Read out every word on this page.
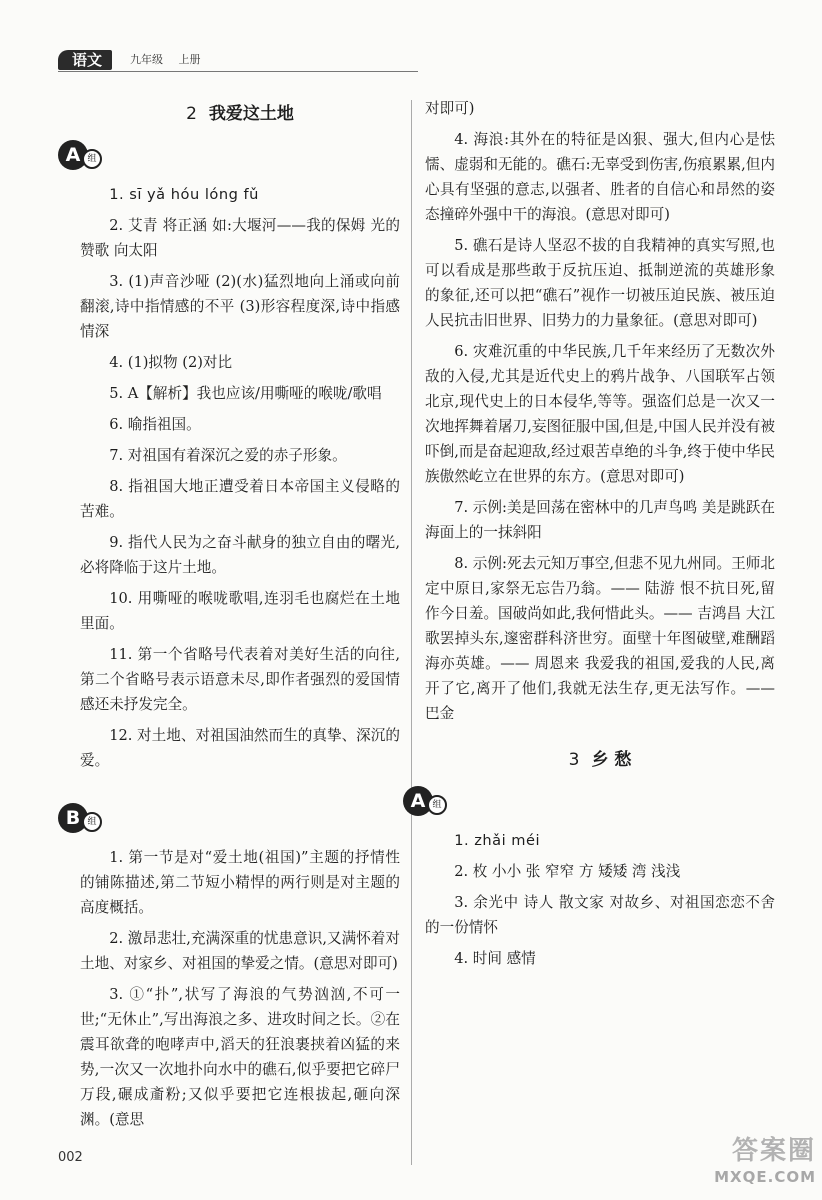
语文	九年级 上册
2 我爱这土地
A 组

1. sī yǎ hóu lóng fǔ

2. 艾青 将正涵 如:大堰河——我的保姆 光的赞歌 向太阳

3. (1)声音沙哑 (2)(水)猛烈地向上涌或向前翻滚,诗中指情感的不平 (3)形容程度深,诗中指感情深

4. (1)拟物 (2)对比

5. A【解析】我也应该/用嘶哑的喉咙/歌唱

6. 喻指祖国。

7. 对祖国有着深沉之爱的赤子形象。

8. 指祖国大地正遭受着日本帝国主义侵略的苦难。

9. 指代人民为之奋斗献身的独立自由的曙光,必将降临于这片土地。

10. 用嘶哑的喉咙歌唱,连羽毛也腐烂在土地里面。

11. 第一个省略号代表着对美好生活的向往,第二个省略号表示语意未尽,即作者强烈的爱国情感还未抒发完全。

12. 对土地、对祖国油然而生的真挚、深沉的爱。

B 组

1. 第一节是对“爱土地(祖国)”主题的抒情性的铺陈描述,第二节短小精悍的两行则是对主题的高度概括。

2. 激昂悲壮,充满深重的忧患意识,又满怀着对土地、对家乡、对祖国的挚爱之情。(意思对即可)

3. ①“扑”,状写了海浪的气势汹汹,不可一世;“无休止”,写出海浪之多、进攻时间之长。②在震耳欲聋的咆哮声中,滔天的狂浪裹挟着凶猛的来势,一次又一次地扑向水中的礁石,似乎要把它碎尸万段,碾成齑粉;又似乎要把它连根拔起,砸向深渊。(意思

对即可)

4. 海浪:其外在的特征是凶狠、强大,但内心是怯懦、虚弱和无能的。礁石:无辜受到伤害,伤痕累累,但内心具有坚强的意志,以强者、胜者的自信心和昂然的姿态撞碎外强中干的海浪。(意思对即可)

5. 礁石是诗人坚忍不拔的自我精神的真实写照,也可以看成是那些敢于反抗压迫、抵制逆流的英雄形象的象征,还可以把“礁石”视作一切被压迫民族、被压迫人民抗击旧世界、旧势力的力量象征。(意思对即可)

6. 灾难沉重的中华民族,几千年来经历了无数次外敌的入侵,尤其是近代史上的鸦片战争、八国联军占领北京,现代史上的日本侵华,等等。强盗们总是一次又一次地挥舞着屠刀,妄图征服中国,但是,中国人民并没有被吓倒,而是奋起迎敌,经过艰苦卓绝的斗争,终于使中华民族傲然屹立在世界的东方。(意思对即可)

7. 示例:美是回荡在密林中的几声鸟鸣 美是跳跃在海面上的一抹斜阳

8. 示例:死去元知万事空,但悲不见九州同。王师北定中原日,家祭无忘告乃翁。—— 陆游 恨不抗日死,留作今日羞。国破尚如此,我何惜此头。—— 吉鸿昌 大江歌罢掉头东,邃密群科济世穷。面壁十年图破壁,难酬蹈海亦英雄。—— 周恩来 我爱我的祖国,爱我的人民,离开了它,离开了他们,我就无法生存,更无法写作。—— 巴金

3 乡 愁
A 组

1. zhǎi méi

2. 枚 小小 张 窄窄 方 矮矮 湾 浅浅

3. 余光中 诗人 散文家 对故乡、对祖国恋恋不舍的一份情怀

4. 时间 感情

002	答案圈
MXQE.COM
